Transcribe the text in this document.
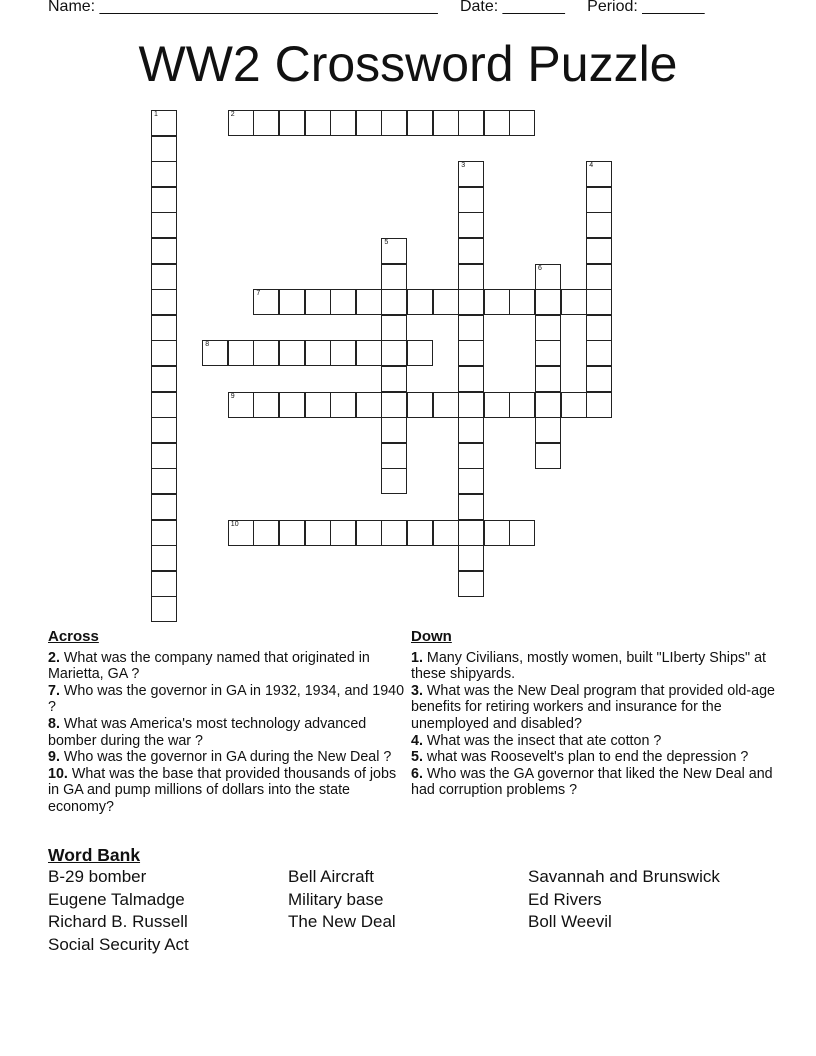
Name: ______________________________________     Date: _______     Period: _______
WW2 Crossword Puzzle
1	2
3	4
5
6
7
8
9
10
Across
2. What was the company named that originated in Marietta, GA ?
7. Who was the governor in GA in 1932, 1934, and 1940 ?
8. What was America's most technology advanced bomber during the war ?
9. Who was the governor in GA during the New Deal ?
10. What was the base that provided thousands of jobs in GA and pump millions of dollars into the state economy?
Down
1. Many Civilians, mostly women, built "LIberty Ships" at these shipyards.
3. What was the New Deal program that provided old-age benefits for retiring workers and insurance for the unemployed and disabled?
4. What was the insect that ate cotton ?
5. what was Roosevelt's plan to end the depression ?
6. Who was the GA governor that liked the New Deal and had corruption problems ?
Word Bank
B-29 bomber	Bell Aircraft	Savannah and Brunswick
Eugene Talmadge	Military base	Ed Rivers
Richard B. Russell	The New Deal	Boll Weevil
Social Security Act
